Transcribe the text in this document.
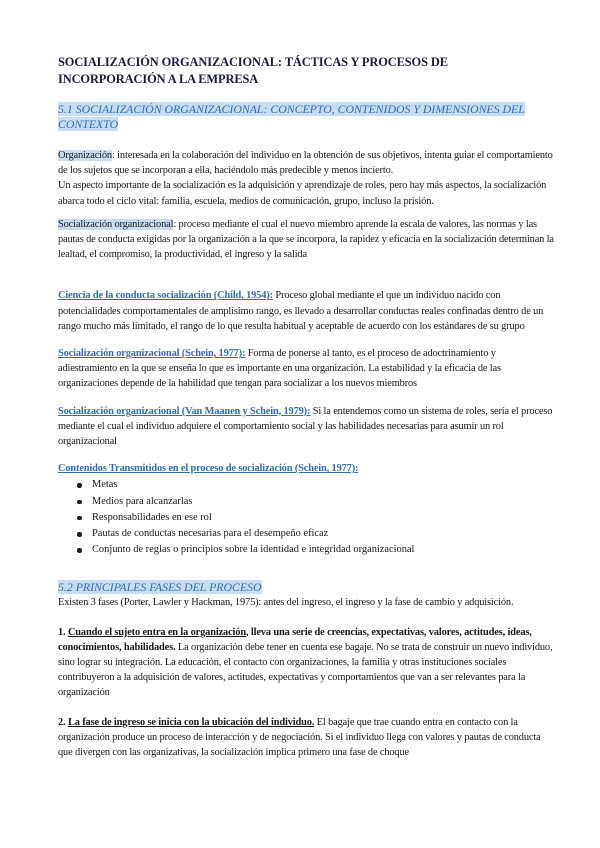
SOCIALIZACIÓN ORGANIZACIONAL: TÁCTICAS Y PROCESOS DE
INCORPORACIÓN A LA EMPRESA
5.1 SOCIALIZACIÓN ORGANIZACIONAL: CONCEPTO, CONTENIDOS Y DIMENSIONES DEL
CONTEXTO

Organización: interesada en la colaboración del individuo en la obtención de sus objetivos, intenta guiar el comportamiento de los sujetos que se incorporan a ella, haciéndolo más predecible y menos incierto.
Un aspecto importante de la socialización es la adquisición y aprendizaje de roles, pero hay más aspectos, la socialización abarca todo el ciclo vital: familia, escuela, medios de comunicación, grupo, incluso la prisión.

Socialización organizacional: proceso mediante el cual el nuevo miembro aprende la escala de valores, las normas y las pautas de conducta exigidas por la organización a la que se incorpora, la rapidez y eficacia en la socialización determinan la lealtad, el compromiso, la productividad, el ingreso y la salida

Ciencia de la conducta socialización (Child, 1954): Proceso global mediante el que un individuo nacido con potencialidades comportamentales de amplísimo rango, es llevado a desarrollar conductas reales confinadas dentro de un rango mucho más limitado, el rango de lo que resulta habitual y aceptable de acuerdo con los estándares de su grupo

Socialización organizacional (Schein, 1977): Forma de ponerse al tanto, es el proceso de adoctrinamiento y adiestramiento en la que se enseña lo que es importante en una organización. La estabilidad y la eficacia de las organizaciones depende de la habilidad que tengan para socializar a los nuevos miembros

Socialización organizacional (Van Maanen y Schein, 1979): Si la entendemos como un sistema de roles, sería el proceso mediante el cual el individuo adquiere el comportamiento social y las habilidades necesarias para asumir un rol organizacional

Contenidos Transmitidos en el proceso de socialización (Schein, 1977):

Metas
Medios para alcanzarlas
Responsabilidades en ese rol
Pautas de conductas necesarias para el desempeño eficaz
Conjunto de reglas o principios sobre la identidad e integridad organizacional
5.2 PRINCIPALES FASES DEL PROCESO

Existen 3 fases (Porter, Lawler y Hackman, 1975): antes del ingreso, el ingreso y la fase de cambio y adquisición.

1. Cuando el sujeto entra en la organización, lleva una serie de creencias, expectativas, valores, actitudes, ideas, conocimientos, habilidades. La organización debe tener en cuenta ese bagaje. No se trata de construir un nuevo individuo, sino lograr su integración. La educación, el contacto con organizaciones, la familia y otras instituciones sociales contribuyeron a la adquisición de valores, actitudes, expectativas y comportamientos que van a ser relevantes para la organización

2. La fase de ingreso se inicia con la ubicación del individuo. El bagaje que trae cuando entra en contacto con la organización produce un proceso de interacción y de negociación. Si el individuo llega con valores y pautas de conducta que divergen con las organizativas, la socialización implica primero una fase de choque
